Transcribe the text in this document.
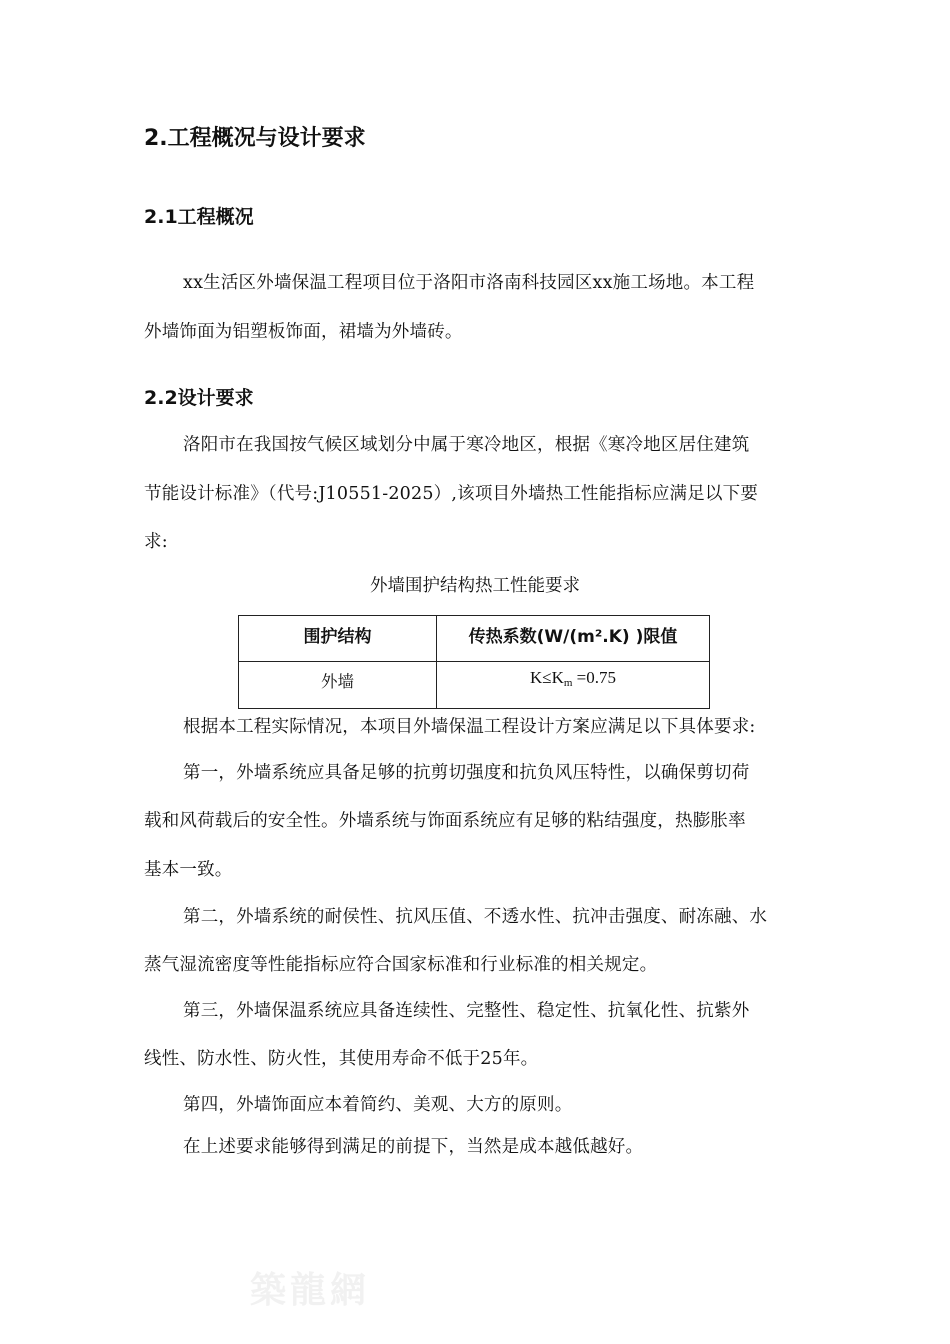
2.工程概况与设计要求
2.1工程概况
xx生活区外墙保温工程项目位于洛阳市洛南科技园区xx施工场地。本工程
外墙饰面为铝塑板饰面，裙墙为外墙砖。
2.2设计要求
洛阳市在我国按气候区域划分中属于寒冷地区，根据《寒冷地区居住建筑
节能设计标准》（代号:J10551-2025）,该项目外墙热工性能指标应满足以下要
求:
外墙围护结构热工性能要求
围护结构	传热系数(W/(m².K) )限值
外墙	$K\le K_m =0.75$
根据本工程实际情况，本项目外墙保温工程设计方案应满足以下具体要求:
第一，外墙系统应具备足够的抗剪切强度和抗负风压特性，以确保剪切荷
载和风荷载后的安全性。外墙系统与饰面系统应有足够的粘结强度，热膨胀率
基本一致。
第二，外墙系统的耐侯性、抗风压值、不透水性、抗冲击强度、耐冻融、水
蒸气湿流密度等性能指标应符合国家标准和行业标准的相关规定。
第三，外墙保温系统应具备连续性、完整性、稳定性、抗氧化性、抗紫外
线性、防水性、防火性，其使用寿命不低于25年。
第四，外墙饰面应本着简约、美观、大方的原则。
在上述要求能够得到满足的前提下，当然是成本越低越好。
築龍網
